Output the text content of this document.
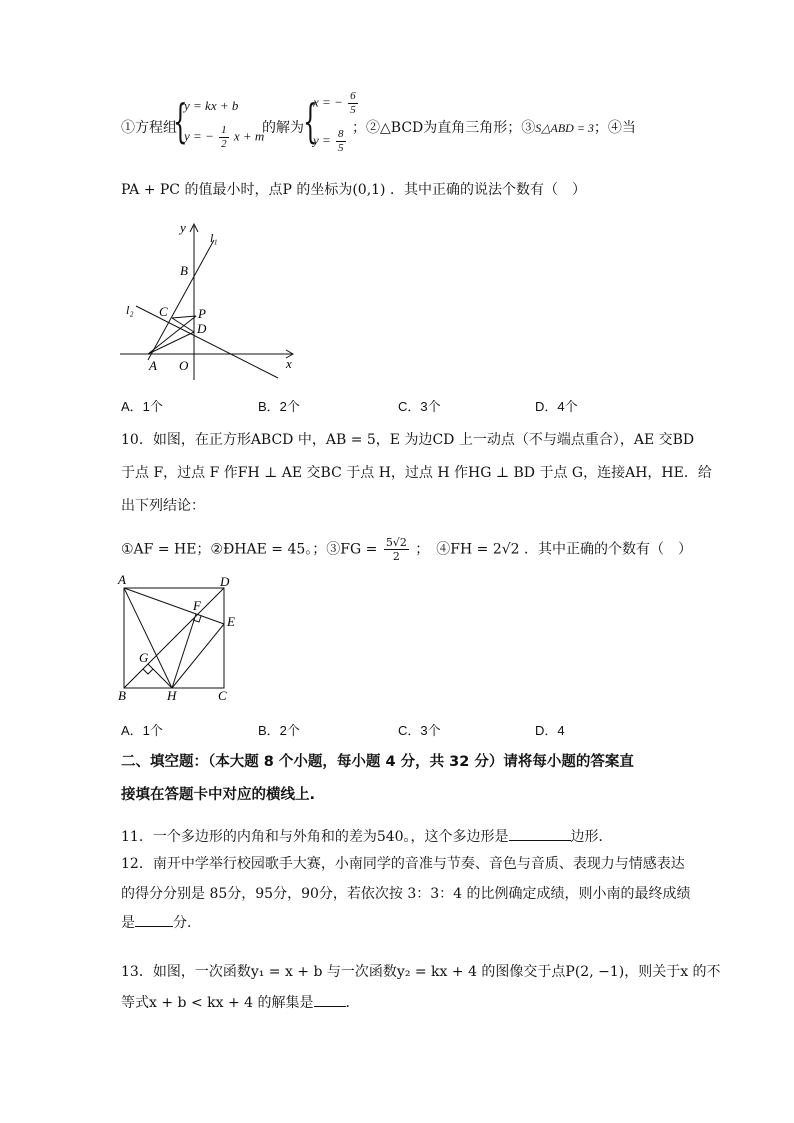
①方程组
{
y = kx + b
y = − $\frac{1}{2}$ x + m
的解为 {
x = − $\frac{6}{5}$
$y = \frac{8}{5}$ ；②△BCD为直角三角形；③S△ABD = 3；④当
PA + PC 的值最小时，点P 的坐标为(0,1) ．其中正确的说法个数有（　）
y
x
l₁
l₂
B
C P
D
A O
A．1个	B．2个	C．3个	D．4个
10．如图，在正方形ABCD 中，AB = 5，E 为边CD 上一动点（不与端点重合），AE 交BD
于点 F，过点 F 作FH ⊥ AE 交BC 于点 H，过点 H 作HG ⊥ BD 于点 G，连接AH，HE．给
出下列结论：
①AF = HE；②ÐHAE = 45。；③FG = $\frac{5√2}{2}$ ；　④FH = 2√2 ．其中正确的个数有（　）
A	D
F
E
G
B	H	C
A．1个	B．2个	C．3个	D．4
二、填空题：（本大题 8 个小题，每小题 4 分，共 32 分）请将每小题的答案直
接填在答题卡中对应的横线上.
11．一个多边形的内角和与外角和的差为540。，这个多边形是	边形．
12．南开中学举行校园歌手大赛，小南同学的音准与节奏、音色与音质、表现力与情感表达
的得分分别是 85分，95分，90分，若依次按 3：3：4 的比例确定成绩，则小南的最终成绩
是	分．
13．如图，一次函数y₁ = x + b 与一次函数y₂ = kx + 4 的图像交于点P(2, −1)，则关于x 的不
等式x + b < kx + 4 的解集是 ．
